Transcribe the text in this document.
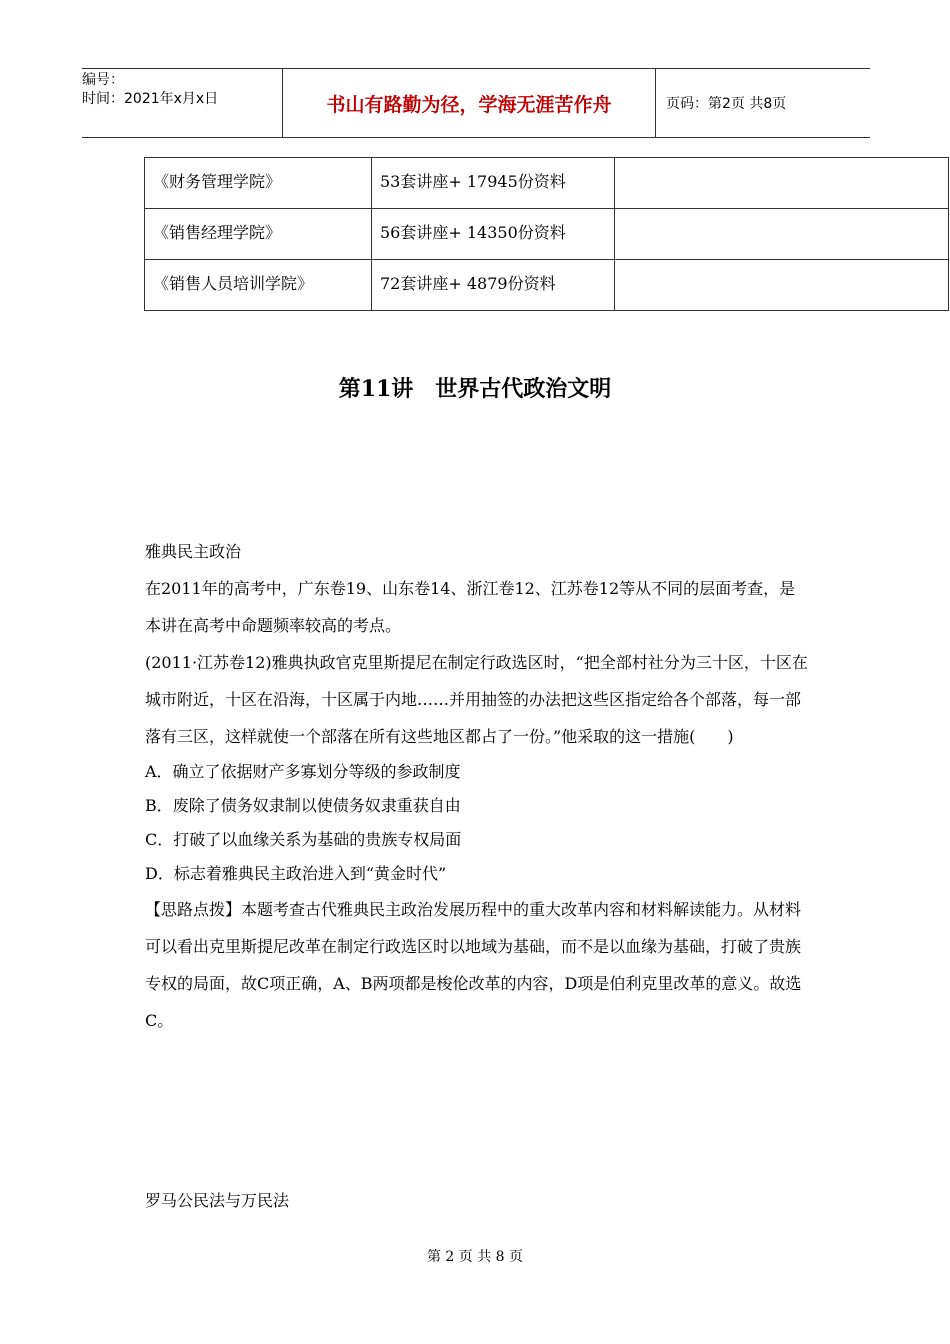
编号：
时间：2021年x月x日	书山有路勤为径，学海无涯苦作舟	页码：第2页 共8页
《财务管理学院》	53套讲座+ 17945份资料	
《销售经理学院》	56套讲座+ 14350份资料	
《销售人员培训学院》	72套讲座+ 4879份资料	
第11讲　世界古代政治文明

雅典民主政治

在2011年的高考中，广东卷19、山东卷14、浙江卷12、江苏卷12等从不同的层面考查，是本讲在高考中命题频率较高的考点。

(2011·江苏卷12)雅典执政官克里斯提尼在制定行政选区时，“把全部村社分为三十区，十区在城市附近，十区在沿海，十区属于内地……并用抽签的办法把这些区指定给各个部落，每一部落有三区，这样就使一个部落在所有这些地区都占了一份。”他采取的这一措施(　　)

A．确立了依据财产多寡划分等级的参政制度

B．废除了债务奴隶制以使债务奴隶重获自由

C．打破了以血缘关系为基础的贵族专权局面

D．标志着雅典民主政治进入到“黄金时代”

【思路点拨】本题考查古代雅典民主政治发展历程中的重大改革内容和材料解读能力。从材料可以看出克里斯提尼改革在制定行政选区时以地域为基础，而不是以血缘为基础，打破了贵族专权的局面，故C项正确，A、B两项都是梭伦改革的内容，D项是伯利克里改革的意义。故选C。

罗马公民法与万民法

第 2 页 共 8 页
